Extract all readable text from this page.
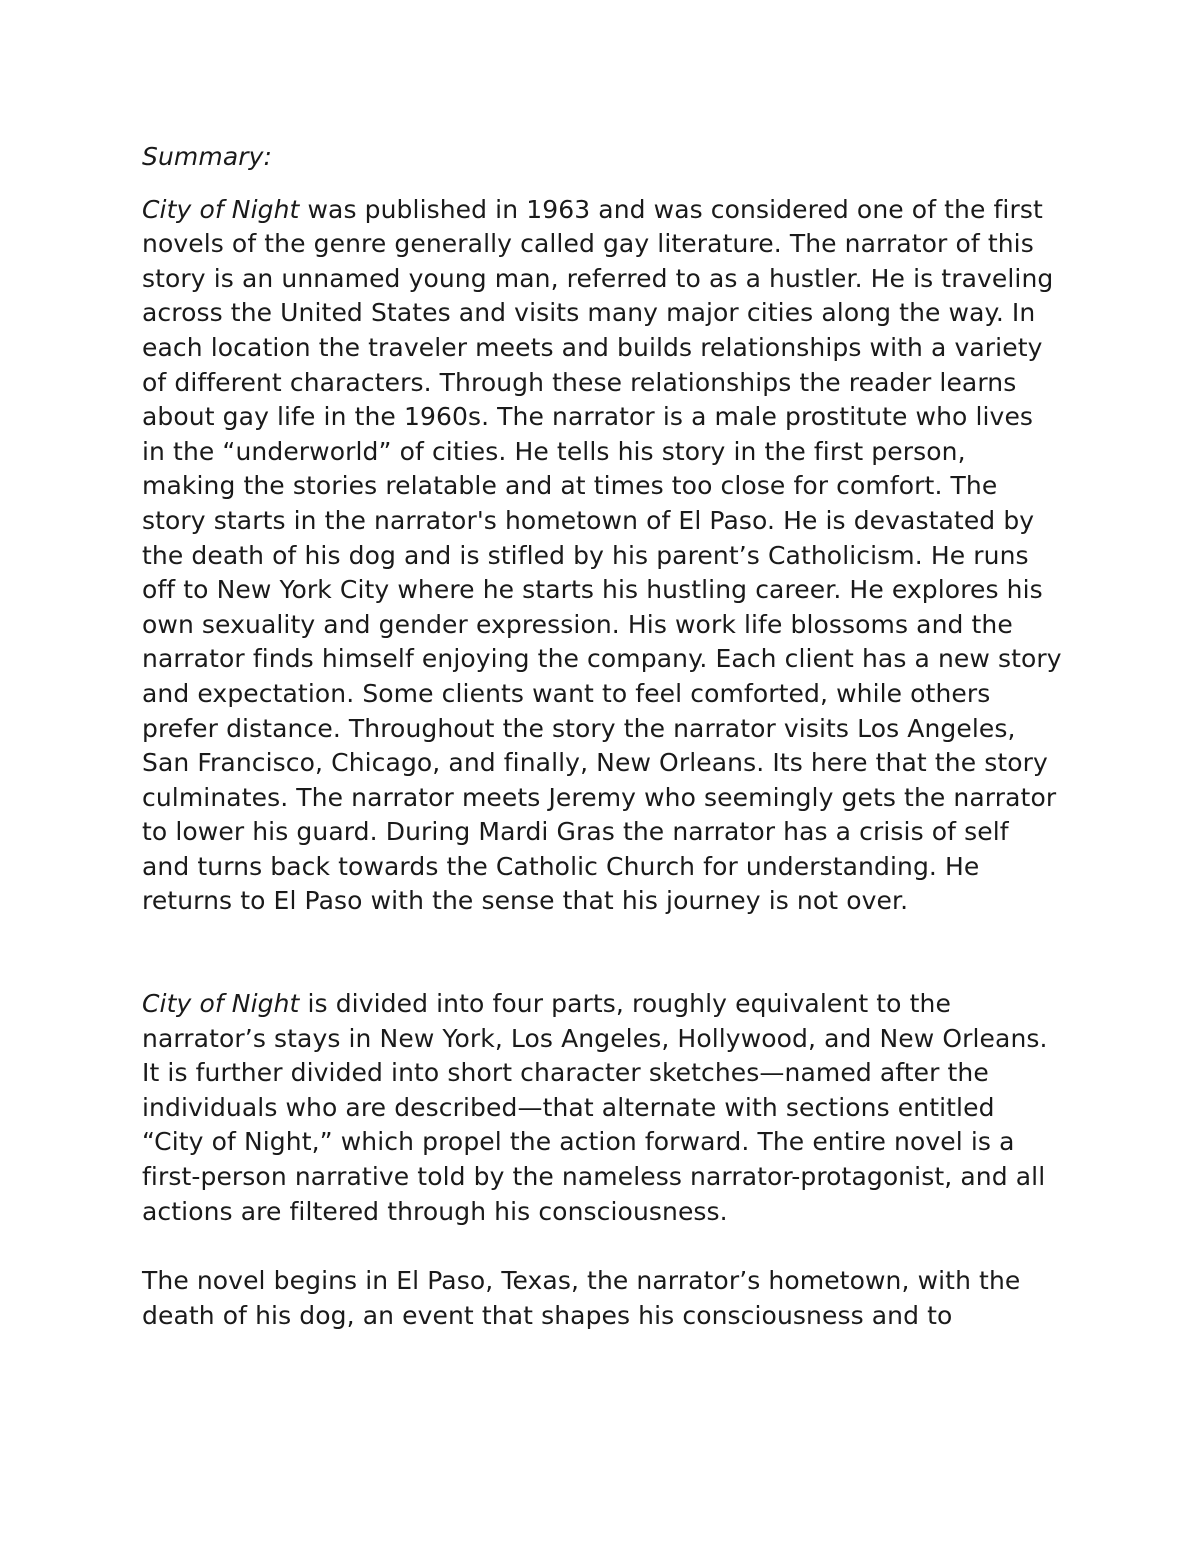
Summary:

City of Night was published in 1963 and was considered one of the first novels of the genre generally called gay literature. The narrator of this story is an unnamed young man, referred to as a hustler. He is traveling across the United States and visits many major cities along the way. In each location the traveler meets and builds relationships with a variety of different characters. Through these relationships the reader learns about gay life in the 1960s. The narrator is a male prostitute who lives in the “underworld” of cities. He tells his story in the first person, making the stories relatable and at times too close for comfort. The story starts in the narrator's hometown of El Paso. He is devastated by the death of his dog and is stifled by his parent’s Catholicism. He runs off to New York City where he starts his hustling career. He explores his own sexuality and gender expression. His work life blossoms and the narrator finds himself enjoying the company. Each client has a new story and expectation. Some clients want to feel comforted, while others prefer distance. Throughout the story the narrator visits Los Angeles, San Francisco, Chicago, and finally, New Orleans. Its here that the story culminates. The narrator meets Jeremy who seemingly gets the narrator to lower his guard. During Mardi Gras the narrator has a crisis of self and turns back towards the Catholic Church for understanding. He returns to El Paso with the sense that his journey is not over.

City of Night is divided into four parts, roughly equivalent to the narrator’s stays in New York, Los Angeles, Hollywood, and New Orleans. It is further divided into short character sketches—named after the individuals who are described—that alternate with sections entitled “City of Night,” which propel the action forward. The entire novel is a first-person narrative told by the nameless narrator-protagonist, and all actions are filtered through his consciousness.

The novel begins in El Paso, Texas, the narrator’s hometown, with the death of his dog, an event that shapes his consciousness and to
